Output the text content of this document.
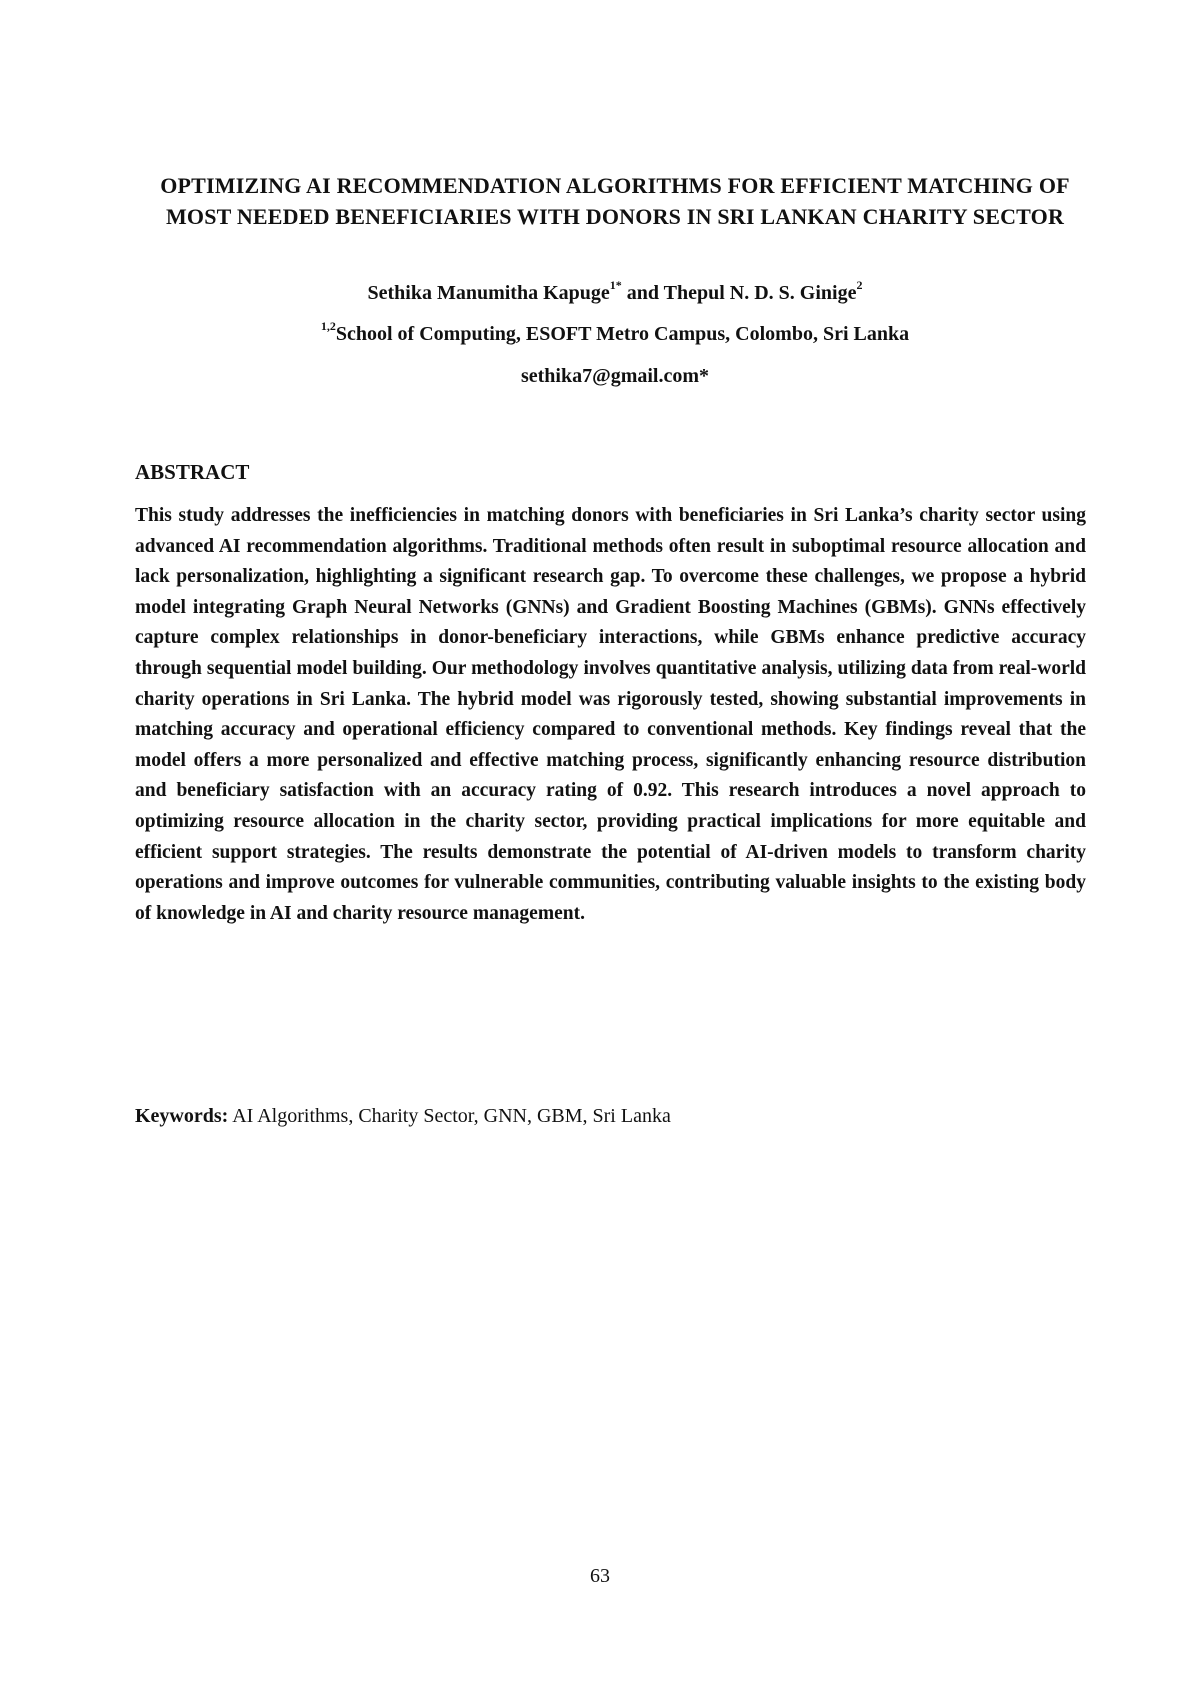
OPTIMIZING AI RECOMMENDATION ALGORITHMS FOR EFFICIENT MATCHING OF MOST NEEDED BENEFICIARIES WITH DONORS IN SRI LANKAN CHARITY SECTOR
Sethika Manumitha Kapuge$^{1*}$ and Thepul N. D. S. Ginige$^2$
$^{1,2}$School of Computing, ESOFT Metro Campus, Colombo, Sri Lanka
sethika7@gmail.com*
ABSTRACT
This study addresses the inefficiencies in matching donors with beneficiaries in Sri Lanka’s charity sector using advanced AI recommendation algorithms. Traditional methods often result in suboptimal resource allocation and lack personalization, highlighting a significant research gap. To overcome these challenges, we propose a hybrid model integrating Graph Neural Networks (GNNs) and Gradient Boosting Machines (GBMs). GNNs effectively capture complex relationships in donor-beneficiary interactions, while GBMs enhance predictive accuracy through sequential model building. Our methodology involves quantitative analysis, utilizing data from real-world charity operations in Sri Lanka. The hybrid model was rigorously tested, showing substantial improvements in matching accuracy and operational efficiency compared to conventional methods. Key findings reveal that the model offers a more personalized and effective matching process, significantly enhancing resource distribution and beneficiary satisfaction with an accuracy rating of 0.92. This research introduces a novel approach to optimizing resource allocation in the charity sector, providing practical implications for more equitable and efficient support strategies. The results demonstrate the potential of AI-driven models to transform charity operations and improve outcomes for vulnerable communities, contributing valuable insights to the existing body of knowledge in AI and charity resource management.
Keywords: AI Algorithms, Charity Sector, GNN, GBM, Sri Lanka
63
